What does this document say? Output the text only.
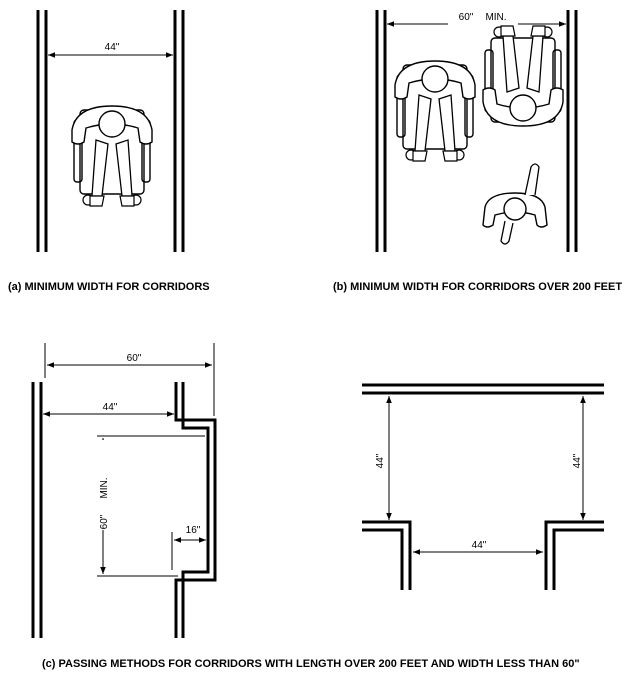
44"
(a) MINIMUM WIDTH FOR CORRIDORS
60" MIN.
(b) MINIMUM WIDTH FOR CORRIDORS OVER 200 FEET
60"
44"
60"
MIN.
16"
44"	44"
44"
(c) PASSING METHODS FOR CORRIDORS WITH LENGTH OVER 200 FEET AND WIDTH LESS THAN 60"
